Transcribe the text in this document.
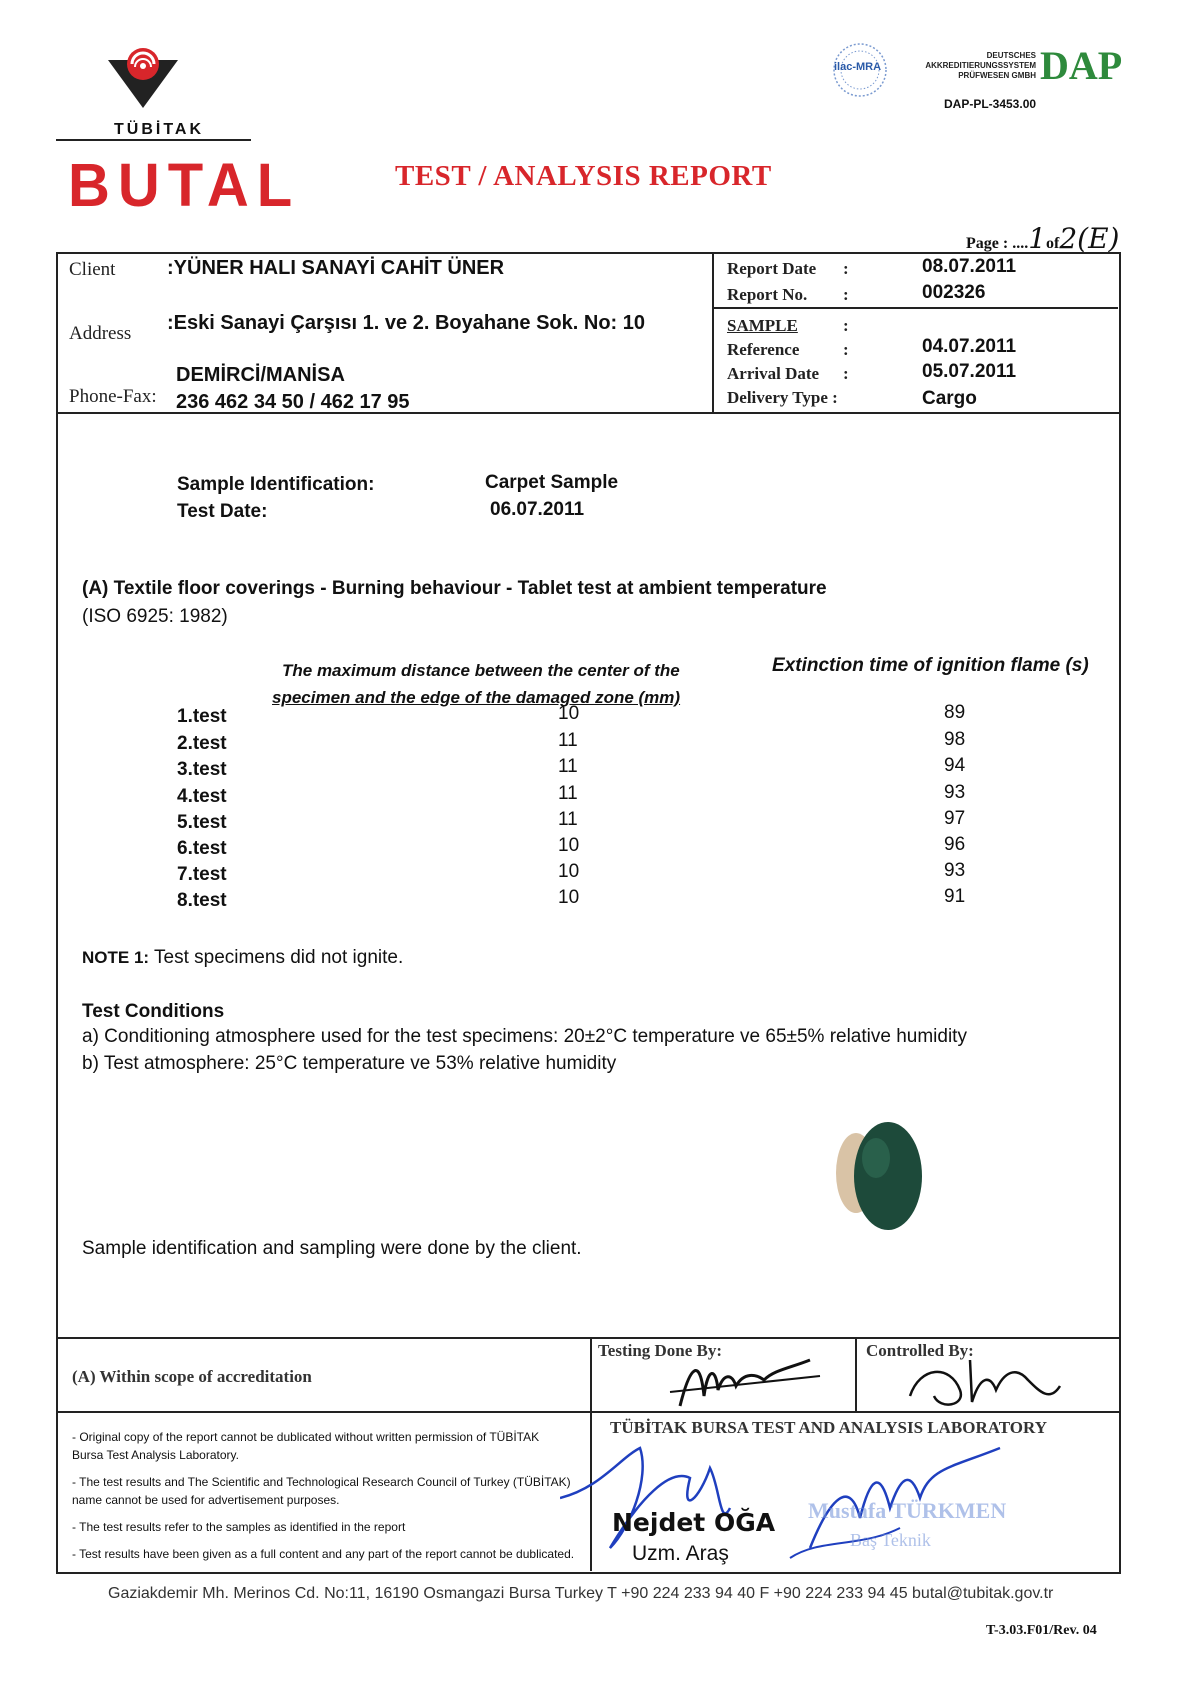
TÜBİTAK
BUTAL
ilac-MRA
DEUTSCHES
AKKREDITIERUNGSSYSTEM
PRÜFWESEN GMBH DAP
DAP-PL-3453.00
TEST / ANALYSIS REPORT
Page : ....1of2(E)
Client	:YÜNER HALI SANAYİ CAHİT ÜNER
Address :Eski Sanayi Çarşısı 1. ve 2. Boyahane Sok. No: 10
DEMİRCİ/MANİSA
Phone-Fax: 236 462 34 50 / 462 17 95
Report Date :	08.07.2011
Report No. :	002326
SAMPLE	:
Reference	:	04.07.2011
Arrival Date :	05.07.2011
Delivery Type :	Cargo
Sample Identification:	Carpet Sample
Test Date:	06.07.2011
(A) Textile floor coverings - Burning behaviour - Tablet test at ambient temperature
(ISO 6925: 1982)
The maximum distance between the center of the
specimen and the edge of the damaged zone (mm)
Extinction time of ignition flame (s)
1.test	10	89
2.test	11	98
3.test	11	94
4.test	11	93
5.test	11	97
6.test	10	96
7.test	10	93
8.test	10	91
NOTE 1: Test specimens did not ignite.
Test Conditions
a) Conditioning atmosphere used for the test specimens: 20±2°C temperature ve 65±5% relative humidity
b) Test atmosphere: 25°C temperature ve 53% relative humidity
Sample identification and sampling were done by the client.
(A) Within scope of accreditation
Testing Done By:	Controlled By:
TÜBİTAK BURSA TEST AND ANALYSIS LABORATORY
- Original copy of the report cannot be dublicated without written permission of TÜBİTAK
Bursa Test Analysis Laboratory.
- The test results and The Scientific and Technological Research Council of Turkey (TÜBİTAK)
name cannot be used for advertisement purposes.
- The test results refer to the samples as identified in the report
- Test results have been given as a full content and any part of the report cannot be dublicated.
Nejdet OĞA
Uzm. Araş
Mustafa TÜRKMEN
Baş Teknik
Gaziakdemir Mh. Merinos Cd. No:11, 16190 Osmangazi Bursa Turkey T +90 224 233 94 40 F +90 224 233 94 45 butal@tubitak.gov.tr
T-3.03.F01/Rev. 04
